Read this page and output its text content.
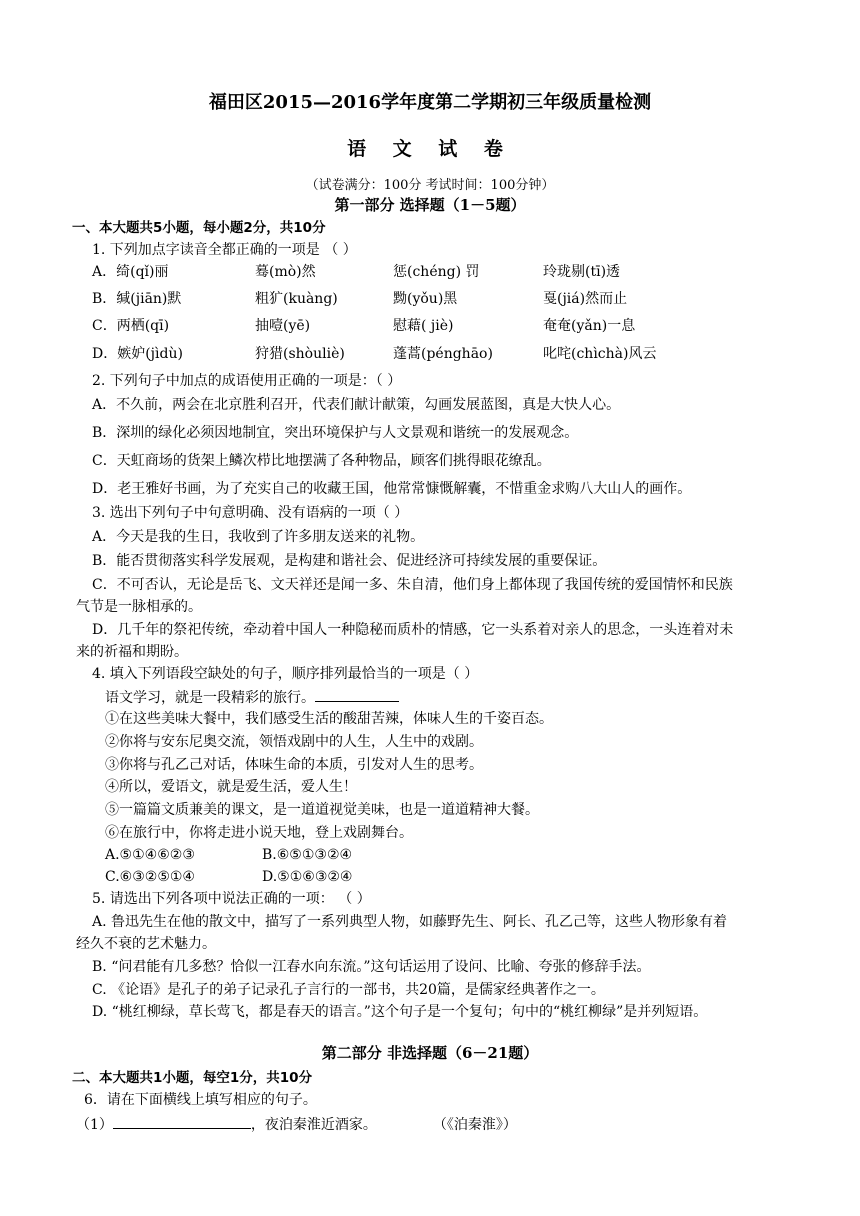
福田区2015—2016学年度第二学期初三年级质量检测
语 文 试 卷
（试卷满分：100分 考试时间：100分钟）
第一部分 选择题（1－5题）
一、本大题共5小题，每小题2分，共10分
1. 下列加点字读音全都正确的一项是 （ ）
A．绮(qǐ)丽	蓦(mò)然	惩(chéng) 罚	玲珑剔(tī)透
B．缄(jiān)默	粗犷(kuàng)	黝(yǒu)黑	戛(jiá)然而止
C．两栖(qī)	抽噎(yē)	慰藉( jiè)	奄奄(yǎn)一息
D．嫉妒(jìdù)	狩猎(shòuliè)	蓬蒿(pénghāo)	叱咤(chìchà)风云
2. 下列句子中加点的成语使用正确的一项是：（ ）
A．不久前，两会在北京胜利召开，代表们献计献策，勾画发展蓝图，真是大快人心。
B．深圳的绿化必须因地制宜，突出环境保护与人文景观和谐统一的发展观念。
C．天虹商场的货架上鳞次栉比地摆满了各种物品，顾客们挑得眼花缭乱。
D．老王雅好书画，为了充实自己的收藏王国，他常常慷慨解囊，不惜重金求购八大山人的画作。
3. 选出下列句子中句意明确、没有语病的一项（ ）
A．今天是我的生日，我收到了许多朋友送来的礼物。
B．能否贯彻落实科学发展观，是构建和谐社会、促进经济可持续发展的重要保证。
C．不可否认，无论是岳飞、文天祥还是闻一多、朱自清，他们身上都体现了我国传统的爱国情怀和民族
气节是一脉相承的。
D．几千年的祭祀传统，牵动着中国人一种隐秘而质朴的情感，它一头系着对亲人的思念，一头连着对未
来的祈福和期盼。
4. 填入下列语段空缺处的句子，顺序排列最恰当的一项是（ ）
语文学习，就是一段精彩的旅行。
①在这些美味大餐中，我们感受生活的酸甜苦辣，体味人生的千姿百态。
②你将与安东尼奥交流，领悟戏剧中的人生，人生中的戏剧。
③你将与孔乙己对话，体味生命的本质，引发对人生的思考。
④所以，爱语文，就是爱生活，爱人生！
⑤一篇篇文质兼美的课文，是一道道视觉美味，也是一道道精神大餐。
⑥在旅行中，你将走进小说天地，登上戏剧舞台。
A.⑤①④⑥②③	B.⑥⑤①③②④
C.⑥③②⑤①④	D.⑤①⑥③②④
5. 请选出下列各项中说法正确的一项： （ ）
A. 鲁迅先生在他的散文中，描写了一系列典型人物，如藤野先生、阿长、孔乙己等，这些人物形象有着
经久不衰的艺术魅力。
B. “问君能有几多愁？恰似一江春水向东流。”这句话运用了设问、比喻、夸张的修辞手法。
C. 《论语》是孔子的弟子记录孔子言行的一部书，共20篇，是儒家经典著作之一。
D. “桃红柳绿，草长莺飞，都是春天的语言。”这个句子是一个复句；句中的“桃红柳绿”是并列短语。
第二部分 非选择题（6－21题）
二、本大题共1小题，每空1分，共10分
6．请在下面横线上填写相应的句子。
（1）	，夜泊秦淮近酒家。	（《泊秦淮》）
